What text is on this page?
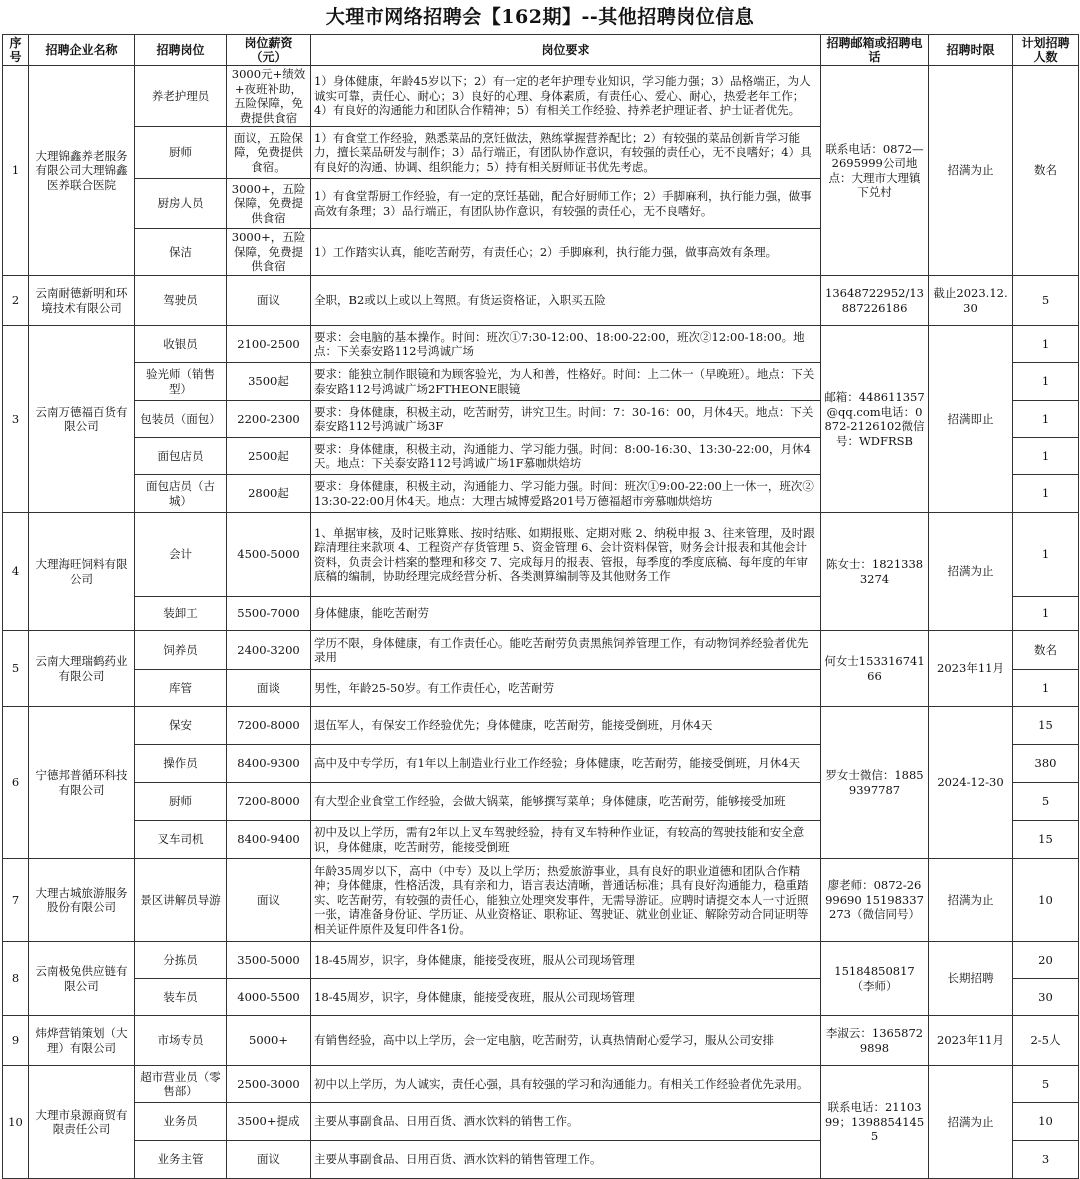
大理市网络招聘会【162期】--其他招聘岗位信息
序号	招聘企业名称	招聘岗位	岗位薪资（元）	岗位要求	招聘邮箱或招聘电话	招聘时限	计划招聘人数
1	大理锦鑫养老服务有限公司大理锦鑫医养联合医院	养老护理员	3000元+绩效+夜班补助，五险保障，免费提供食宿	1）身体健康，年龄45岁以下；2）有一定的老年护理专业知识，学习能力强；3）品格端正，为人诚实可靠，责任心、耐心；3）良好的心理、身体素质，有责任心、爱心、耐心，热爱老年工作；4）有良好的沟通能力和团队合作精神；5）有相关工作经验、持养老护理证者、护士证者优先。	联系电话：0872—2695999公司地点：大理市大理镇下兑村	招满为止	数名
		厨师	面议，五险保障，免费提供食宿。	1）有食堂工作经验，熟悉菜品的烹饪做法，熟练掌握营养配比；2）有较强的菜品创新肯学习能力，擅长菜品研发与制作；3）品行端正，有团队协作意识，有较强的责任心，无不良嗜好；4）具有良好的沟通、协调、组织能力；5）持有相关厨师证书优先考虑。			
		厨房人员	3000+，五险保障，免费提供食宿	1）有食堂帮厨工作经验，有一定的烹饪基础，配合好厨师工作；2）手脚麻利，执行能力强，做事高效有条理；3）品行端正，有团队协作意识，有较强的责任心，无不良嗜好。			
		保洁	3000+，五险保障，免费提供食宿	1）工作踏实认真，能吃苦耐劳，有责任心；2）手脚麻利，执行能力强，做事高效有条理。			
2	云南耐德新明和环境技术有限公司	驾驶员	面议	全职，B2或以上或以上驾照。有货运资格证，入职买五险	13648722952/13887226186	截止2023.12.30	5
3	云南万德福百货有限公司	收银员	2100-2500	要求：会电脑的基本操作。时间：班次①7:30-12:00、18:00-22:00，班次②12:00-18:00。地点：下关泰安路112号鸿诚广场	邮箱：448611357@qq.com电话：0872-2126102微信号：WDFRSB	招满即止	1
		验光师（销售型）	3500起	要求：能独立制作眼镜和为顾客验光，为人和善，性格好。时间：上二休一（早晚班）。地点：下关泰安路112号鸿诚广场2FTHEONE眼镜			1
		包装员（面包）	2200-2300	要求：身体健康，积极主动，吃苦耐劳，讲究卫生。时间：7：30-16：00，月休4天。地点：下关泰安路112号鸿诚广场3F			1
		面包店员	2500起	要求：身体健康，积极主动，沟通能力、学习能力强。时间：8:00-16:30、13:30-22:00，月休4天。地点：下关泰安路112号鸿诚广场1F慕咖烘焙坊			1
		面包店员（古城）	2800起	要求：身体健康，积极主动，沟通能力、学习能力强。时间：班次①9:00-22:00上一休一，班次②13:30-22:00月休4天。地点：大理古城博爱路201号万德福超市旁慕咖烘焙坊			1
4	大理海旺饲料有限公司	会计	4500-5000	1、单据审核，及时记账算账、按时结账、如期报账、定期对账 2、纳税申报 3、往来管理，及时跟踪清理往来款项 4、工程资产存货管理 5、资金管理 6、会计资料保管，财务会计报表和其他会计资料，负责会计档案的整理和移交 7、完成每月的报表、管报，每季度的季度底稿、每年度的年审底稿的编制，协助经理完成经营分析、各类测算编制等及其他财务工作	陈女士：18213383274	招满为止	1
		装卸工	5500-7000	身体健康，能吃苦耐劳			1
5	云南大理瑞鹤药业有限公司	饲养员	2400-3200	学历不限，身体健康，有工作责任心。能吃苦耐劳负责黑熊饲养管理工作，有动物饲养经验者优先录用	何女士15331674166	2023年11月	数名
		库管	面谈	男性，年龄25-50岁。有工作责任心，吃苦耐劳			1
6	宁德邦普循环科技有限公司	保安	7200-8000	退伍军人，有保安工作经验优先；身体健康，吃苦耐劳，能接受倒班，月休4天	罗女士微信：18859397787	2024-12-30	15
		操作员	8400-9300	高中及中专学历，有1年以上制造业行业工作经验；身体健康，吃苦耐劳，能接受倒班，月休4天			380
		厨师	7200-8000	有大型企业食堂工作经验，会做大锅菜，能够撰写菜单；身体健康，吃苦耐劳，能够接受加班			5
		叉车司机	8400-9400	初中及以上学历，需有2年以上叉车驾驶经验，持有叉车特种作业证，有较高的驾驶技能和安全意识，身体健康，吃苦耐劳，能接受倒班			15
7	大理古城旅游服务股份有限公司	景区讲解员导游	面议	年龄35周岁以下，高中（中专）及以上学历；热爱旅游事业，具有良好的职业道德和团队合作精神；身体健康，性格活泼，具有亲和力，语言表达清晰，普通话标准；具有良好沟通能力，稳重踏实、吃苦耐劳，有较强的责任心，能独立处理突发事件，无需导游证。应聘时请提交本人一寸近照一张，请准备身份证、学历证、从业资格证、职称证、驾驶证、就业创业证、解除劳动合同证明等相关证件原件及复印件各1份。	廖老师：0872-2699690 15198337273（微信同号）	招满为止	10
8	云南极兔供应链有限公司	分拣员	3500-5000	18-45周岁，识字，身体健康，能接受夜班，服从公司现场管理	15184850817（李师）	长期招聘	20
		装车员	4000-5500	18-45周岁，识字，身体健康，能接受夜班，服从公司现场管理			30
9	炜烨营销策划（大理）有限公司	市场专员	5000+	有销售经验，高中以上学历，会一定电脑，吃苦耐劳，认真热情耐心爱学习，服从公司安排	李淑云：13658729898	2023年11月	2-5人
10	大理市泉源商贸有限责任公司	超市营业员（零售部）	2500-3000	初中以上学历，为人诚实，责任心强，具有较强的学习和沟通能力。有相关工作经验者优先录用。	联系电话：2110399；13988541455	招满为止	5
		业务员	3500+提成	主要从事副食品、日用百货、酒水饮料的销售工作。			10
		业务主管	面议	主要从事副食品、日用百货、酒水饮料的销售管理工作。			3
